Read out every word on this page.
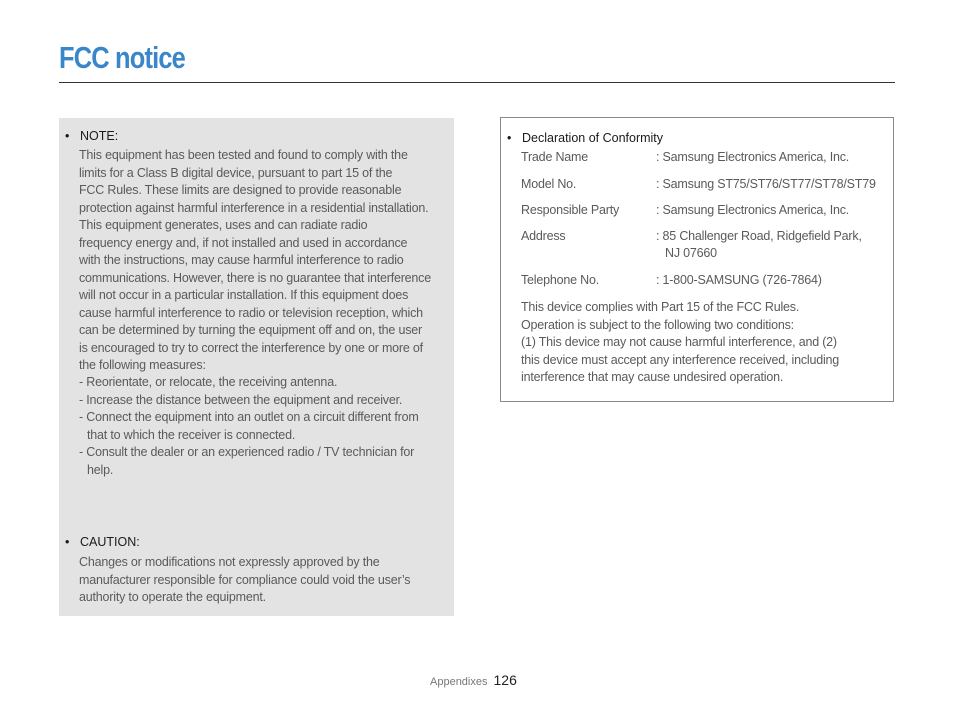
FCC notice
• NOTE:
This equipment has been tested and found to comply with the
limits for a Class B digital device, pursuant to part 15 of the
FCC Rules. These limits are designed to provide reasonable
protection against harmful interference in a residential installation.
This equipment generates, uses and can radiate radio
frequency energy and, if not installed and used in accordance
with the instructions, may cause harmful interference to radio
communications. However, there is no guarantee that interference
will not occur in a particular installation. If this equipment does
cause harmful interference to radio or television reception, which
can be determined by turning the equipment off and on, the user
is encouraged to try to correct the interference by one or more of
the following measures:
- Reorientate, or relocate, the receiving antenna.
- Increase the distance between the equipment and receiver.
- Connect the equipment into an outlet on a circuit different from
that to which the receiver is connected.
- Consult the dealer or an experienced radio / TV technician for
help.
• CAUTION:
Changes or modifications not expressly approved by the
manufacturer responsible for compliance could void the user’s
authority to operate the equipment.
• Declaration of Conformity
Trade Name	: Samsung Electronics America, Inc.
Model No.	: Samsung ST75/ST76/ST77/ST78/ST79
Responsible Party	: Samsung Electronics America, Inc.
Address	: 85 Challenger Road, Ridgefield Park,
NJ 07660
Telephone No.	: 1-800-SAMSUNG (726-7864)
This device complies with Part 15 of the FCC Rules.
Operation is subject to the following two conditions:
(1) This device may not cause harmful interference, and (2)
this device must accept any interference received, including
interference that may cause undesired operation.
Appendixes 126
